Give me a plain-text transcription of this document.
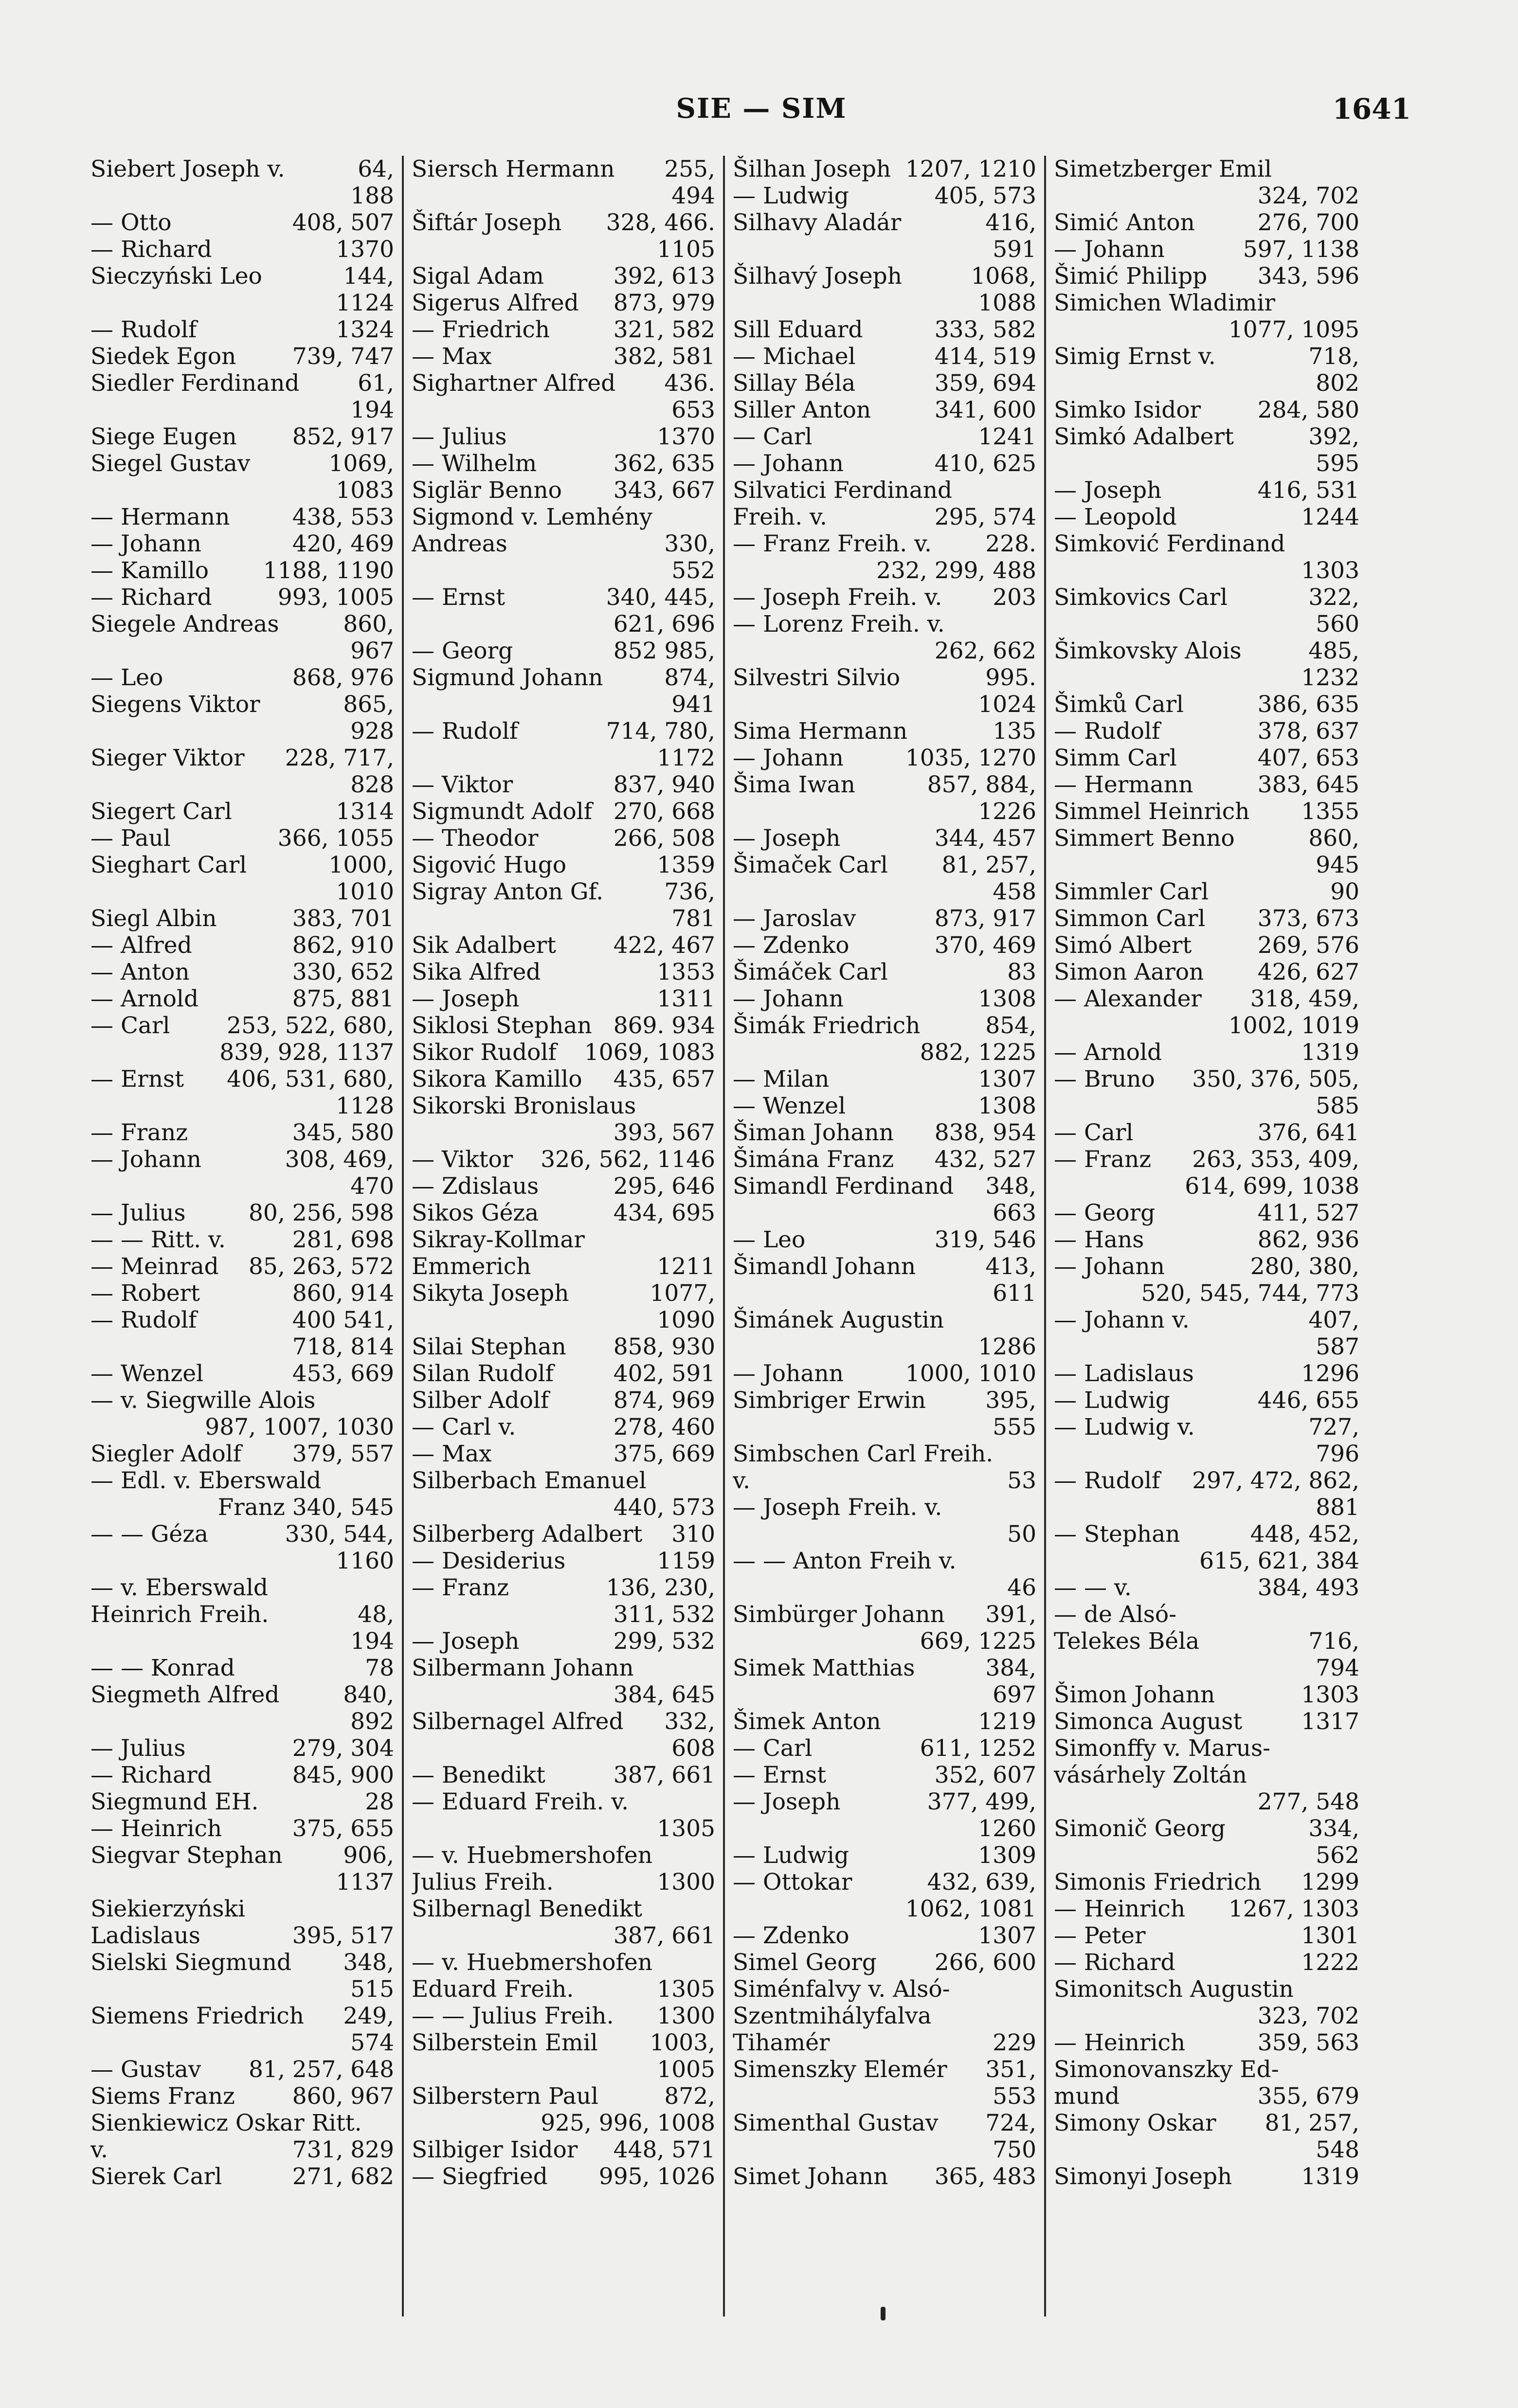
SIE — SIM	1641
Siebert Joseph v.	64,
188
— Otto	408, 507
— Richard	1370
Sieczyński Leo	144,
1124
— Rudolf	1324
Siedek Egon 739, 747
Siedler Ferdinand	61,
194
Siege Eugen 852, 917
Siegel Gustav	1069,
1083
— Hermann	438, 553
— Johann	420, 469
— Kamillo 1188, 1190
— Richard	993, 1005
Siegele Andreas	860,
967
— Leo	868, 976
Siegens Viktor	865,
928
Sieger Viktor 228, 717,
828
Siegert Carl	1314
— Paul	366, 1055
Sieghart Carl	1000,
1010
Siegl Albin	383, 701
— Alfred	862, 910
— Anton	330, 652
— Arnold	875, 881
— Carl 253, 522, 680,
839, 928, 1137
— Ernst 406, 531, 680,
1128
— Franz	345, 580
— Johann	308, 469,
470
— Julius	80, 256, 598
— — Ritt. v.	281, 698
— Meinrad 85, 263, 572
— Robert	860, 914
— Rudolf	400 541,
718, 814
— Wenzel	453, 669
— v. Siegwille Alois
987, 1007, 1030
Siegler Adolf 379, 557
— Edl. v. Eberswald
Franz 340, 545
— — Géza	330, 544,
1160
— v. Eberswald
Heinrich Freih.	48,
194
— — Konrad	78
Siegmeth Alfred	840,
892
— Julius	279, 304
— Richard	845, 900
Siegmund EH.	28
— Heinrich	375, 655
Siegvar Stephan	906,
1137
Siekierzyński
Ladislaus	395, 517
Sielski Siegmund 348,
515
Siemens Friedrich 249,
574
— Gustav 81, 257, 648
Siems Franz	860, 967
Sienkiewicz Oskar Ritt.
v.	731, 829
Sierek Carl	271, 682
Siersch Hermann 255,
494
Šiftár Joseph 328, 466.
1105
Sigal Adam	392, 613
Sigerus Alfred 873, 979
— Friedrich	321, 582
— Max	382, 581
Sighartner Alfred 436.
653
— Julius	1370
— Wilhelm	362, 635
Siglär Benno 343, 667
Sigmond v. Lemhény
Andreas	330,
552
— Ernst	340, 445,
621, 696
— Georg	852 985,
Sigmund Johann	874,
941
— Rudolf	714, 780,
1172
— Viktor	837, 940
Sigmundt Adolf 270, 668
— Theodor	266, 508
Sigović Hugo	1359
Sigray Anton Gf.	736,
781
Sik Adalbert	422, 467
Sika Alfred	1353
— Joseph	1311
Siklosi Stephan 869. 934
Sikor Rudolf 1069, 1083
Sikora Kamillo 435, 657
Sikorski Bronislaus
393, 567
— Viktor 326, 562, 1146
— Zdislaus	295, 646
Sikos Géza	434, 695
Sikray-Kollmar
Emmerich	1211
Sikyta Joseph	1077,
1090
Silai Stephan 858, 930
Silan Rudolf	402, 591
Silber Adolf	874, 969
— Carl v.	278, 460
— Max	375, 669
Silberbach Emanuel
440, 573
Silberberg Adalbert 310
— Desiderius	1159
— Franz	136, 230,
311, 532
— Joseph	299, 532
Silbermann Johann
384, 645
Silbernagel Alfred 332,
608
— Benedikt	387, 661
— Eduard Freih. v.
1305
— v. Huebmershofen
Julius Freih.	1300
Silbernagl Benedikt
387, 661
— v. Huebmershofen
Eduard Freih.	1305
— — Julius Freih. 1300
Silberstein Emil 1003,
1005
Silberstern Paul	872,
925, 996, 1008
Silbiger Isidor 448, 571
— Siegfried 995, 1026
Šilhan Joseph 1207, 1210
— Ludwig	405, 573
Silhavy Aladár	416,
591
Šilhavý Joseph	1068,
1088
Sill Eduard	333, 582
— Michael	414, 519
Sillay Béla	359, 694
Siller Anton	341, 600
— Carl	1241
— Johann	410, 625
Silvatici Ferdinand
Freih. v.	295, 574
— Franz Freih. v. 228.
232, 299, 488
— Joseph Freih. v. 203
— Lorenz Freih. v.
262, 662
Silvestri Silvio	995.
1024
Sima Hermann	135
— Johann	1035, 1270
Šima Iwan	857, 884,
1226
— Joseph	344, 457
Šimaček Carl 81, 257,
458
— Jaroslav	873, 917
— Zdenko	370, 469
Šimáček Carl	83
— Johann	1308
Šimák Friedrich	854,
882, 1225
— Milan	1307
— Wenzel	1308
Šiman Johann 838, 954
Šimána Franz 432, 527
Simandl Ferdinand 348,
663
— Leo	319, 546
Šimandl Johann	413,
611
Šimánek Augustin
1286
— Johann	1000, 1010
Simbriger Erwin	395,
555
Simbschen Carl Freih.
v.	53
— Joseph Freih. v.
50
— — Anton Freih v.
46
Simbürger Johann 391,
669, 1225
Simek Matthias	384,
697
Šimek Anton	1219
— Carl	611, 1252
— Ernst	352, 607
— Joseph	377, 499,
1260
— Ludwig	1309
— Ottokar	432, 639,
1062, 1081
— Zdenko	1307
Simel Georg	266, 600
Siménfalvy v. Alsó-
Szentmihályfalva
Tihamér	229
Simenszky Elemér 351,
553
Simenthal Gustav 724,
750
Simet Johann 365, 483
Simetzberger Emil
324, 702
Simić Anton	276, 700
— Johann	597, 1138
Šimić Philipp 343, 596
Simichen Wladimir
1077, 1095
Simig Ernst v.	718,
802
Simko Isidor 284, 580
Simkó Adalbert	392,
595
— Joseph	416, 531
— Leopold	1244
Simković Ferdinand
1303
Simkovics Carl	322,
560
Šimkovsky Alois	485,
1232
Šimků Carl	386, 635
— Rudolf	378, 637
Simm Carl	407, 653
— Hermann	383, 645
Simmel Heinrich 1355
Simmert Benno	860,
945
Simmler Carl	90
Simmon Carl 373, 673
Simó Albert	269, 576
Simon Aaron 426, 627
— Alexander 318, 459,
1002, 1019
— Arnold	1319
— Bruno 350, 376, 505,
585
— Carl	376, 641
— Franz 263, 353, 409,
614, 699, 1038
— Georg	411, 527
— Hans	862, 936
— Johann	280, 380,
520, 545, 744, 773
— Johann v.	407,
587
— Ladislaus	1296
— Ludwig	446, 655
— Ludwig v.	727,
796
— Rudolf 297, 472, 862,
881
— Stephan	448, 452,
615, 621, 384
— — v.	384, 493
— de Alsó-
Telekes Béla	716,
794
Šimon Johann	1303
Simonca August	1317
Simonffy v. Marus-
vásárhely Zoltán
277, 548
Simonič Georg	334,
562
Simonis Friedrich 1299
— Heinrich 1267, 1303
— Peter	1301
— Richard	1222
Simonitsch Augustin
323, 702
— Heinrich	359, 563
Simonovanszky Ed-
mund	355, 679
Simony Oskar 81, 257,
548
Simonyi Joseph	1319
